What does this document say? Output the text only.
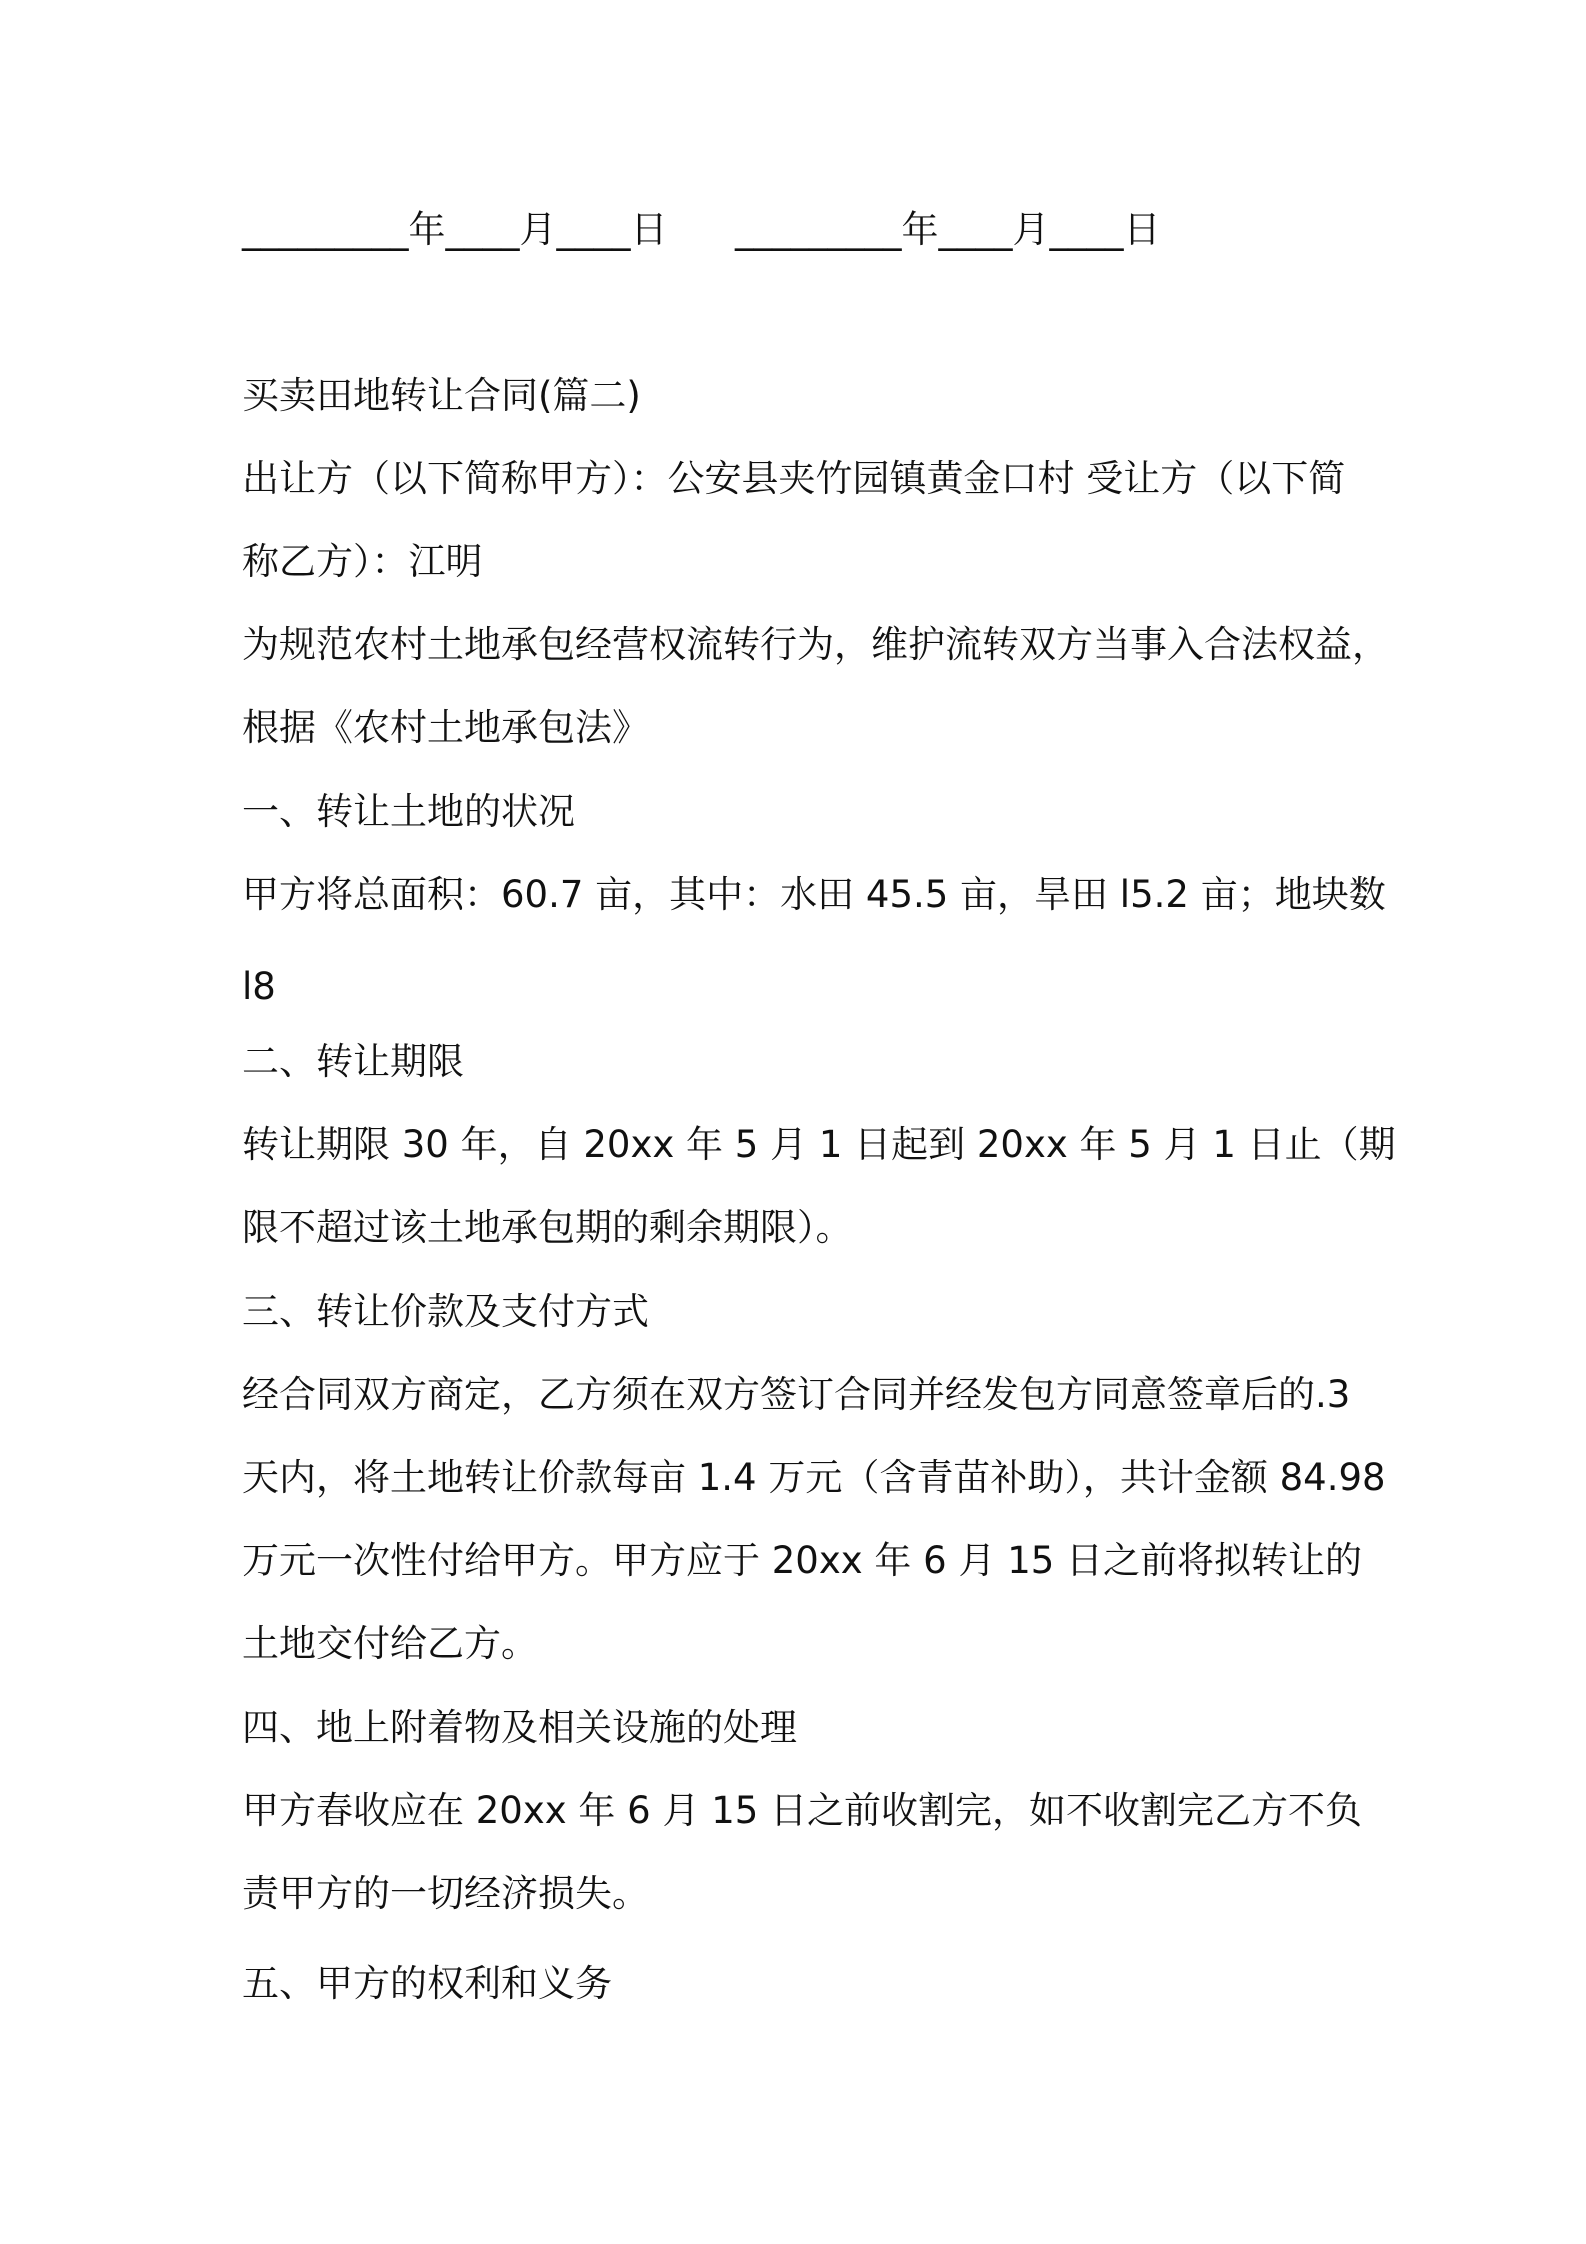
_________年____月____日 _________年____月____日
买卖田地转让合同(篇二)
出让方（以下简称甲方）：公安县夹竹园镇黄金口村 受让方（以下简
称乙方）：江明
为规范农村土地承包经营权流转行为，维护流转双方当事入合法权益，
根据《农村土地承包法》
一、转让土地的状况
甲方将总面积：60.7 亩，其中：水田 45.5 亩，旱田 l5.2 亩；地块数
l8
二、转让期限
转让期限 30 年，自 20xx 年 5 月 1 日起到 20xx 年 5 月 1 日止（期
限不超过该土地承包期的剩余期限）。
三、转让价款及支付方式
经合同双方商定，乙方须在双方签订合同并经发包方同意签章后的.3
天内，将土地转让价款每亩 1.4 万元（含青苗补助），共计金额 84.98
万元一次性付给甲方。甲方应于 20xx 年 6 月 15 日之前将拟转让的
土地交付给乙方。
四、地上附着物及相关设施的处理
甲方春收应在 20xx 年 6 月 15 日之前收割完，如不收割完乙方不负
责甲方的一切经济损失。
五、甲方的权利和义务
